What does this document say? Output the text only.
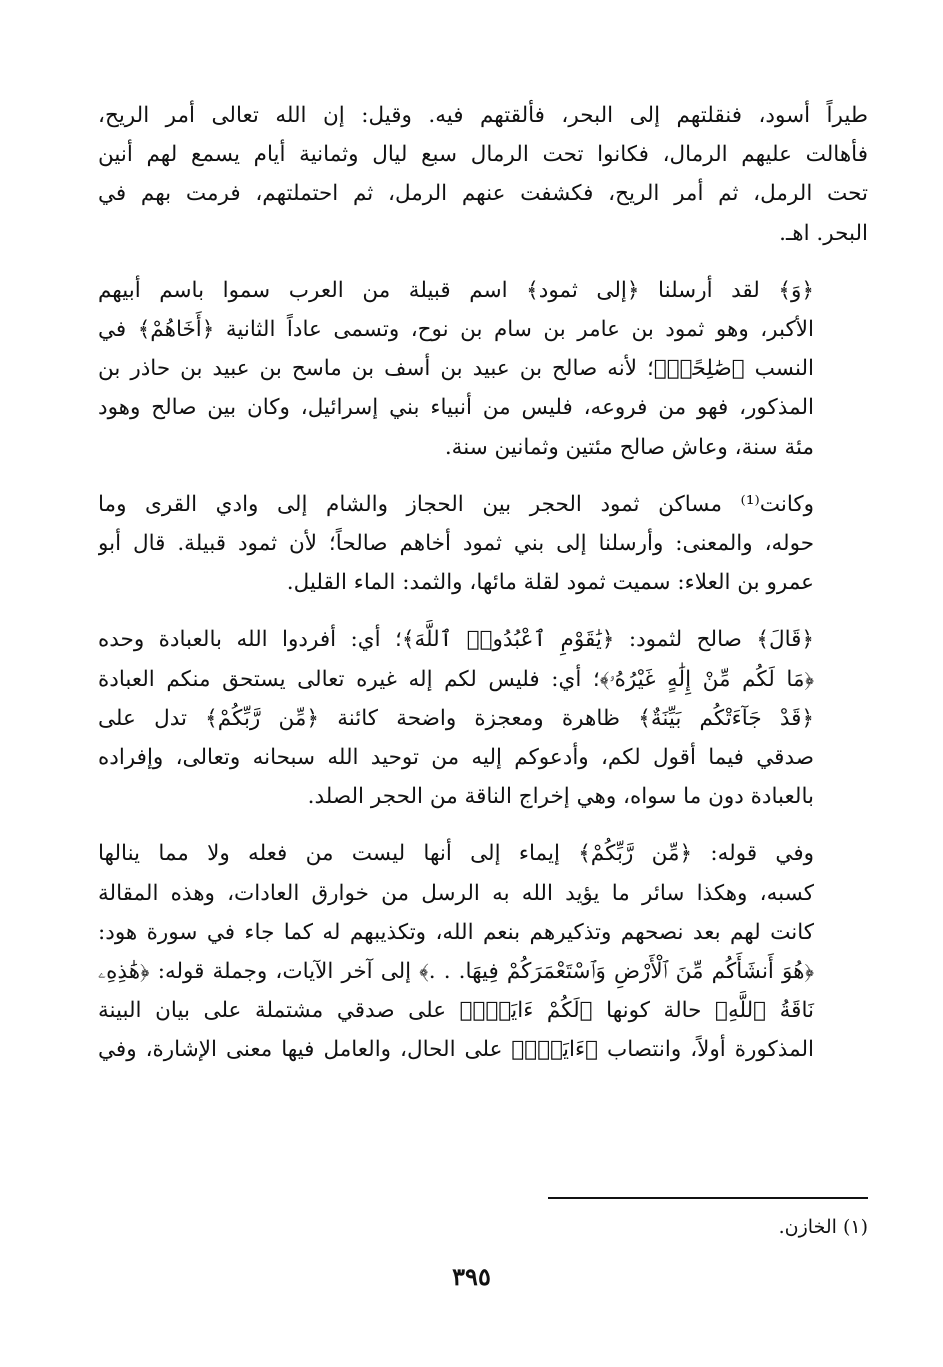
طيراً أسود، فنقلتهم إلى البحر، فألقتهم فيه. وقيل: إن الله تعالى أمر الريح،
فأهالت عليهم الرمال، فكانوا تحت الرمال سبع ليال وثمانية أيام يسمع لهم أنين
تحت الرمل، ثم أمر الريح، فكشفت عنهم الرمل، ثم احتملتهم، فرمت بهم في
البحر. اهـ.

﴿وَ﴾ لقد أرسلنا ﴿إلى ثمود﴾ اسم قبيلة من العرب سموا باسم أبيهم
الأكبر، وهو ثمود بن عامر بن سام بن نوح، وتسمى عاداً الثانية ﴿أَخَاهُمْ﴾ في
النسب ﴿صَٰلِحًاۚ﴾؛ لأنه صالح بن عبيد بن أسف بن ماسح بن عبيد بن حاذر بن
المذكور، فهو من فروعه، فليس من أنبياء بني إسرائيل، وكان بين صالح وهود
مئة سنة، وعاش صالح مئتين وثمانين سنة.

وكانت⁽¹⁾ مساكن ثمود الحجر بين الحجاز والشام إلى وادي القرى وما
حوله، والمعنى: وأرسلنا إلى بني ثمود أخاهم صالحاً؛ لأن ثمود قبيلة. قال أبو
عمرو بن العلاء: سميت ثمود لقلة مائها، والثمد: الماء القليل.

﴿قَالَ﴾ صالح لثمود: ﴿يَٰقَوْمِ ٱعْبُدُوا۟ ٱللَّهَ﴾؛ أي: أفردوا الله بالعبادة وحده
﴿مَا لَكُم مِّنْ إِلَٰهٍ غَيْرُهُۥ﴾؛ أي: فليس لكم إله غيره تعالى يستحق منكم العبادة
﴿قَدْ جَآءَتْكُم بَيِّنَةٌ﴾ ظاهرة ومعجزة واضحة كائنة ﴿مِّن رَّبِّكُمْ﴾ تدل على
صدقي فيما أقول لكم، وأدعوكم إليه من توحيد الله سبحانه وتعالى، وإفراده
بالعبادة دون ما سواه، وهي إخراج الناقة من الحجر الصلد.

وفي قوله: ﴿مِّن رَّبِّكُمْ﴾ إيماء إلى أنها ليست من فعله ولا مما ينالها
كسبه، وهكذا سائر ما يؤيد الله به الرسل من خوارق العادات، وهذه المقالة
كانت لهم بعد نصحهم وتذكيرهم بنعم الله، وتكذيبهم له كما جاء في سورة هود:
﴿هُوَ أَنشَأَكُم مِّنَ ٱلْأَرْضِ وَٱسْتَعْمَرَكُمْ فِيهَا. . .﴾ إلى آخر الآيات، وجملة قوله: ﴿هَٰذِهِۦ
نَاقَةُ ٱللَّهِ﴾ حالة كونها ﴿لَكُمْ ءَايَةًۖ﴾ على صدقي مشتملة على بيان البينة
المذكورة أولاً، وانتصاب ﴿ءَايَةًۖ﴾ على الحال، والعامل فيها معنى الإشارة، وفي

(١) الخازن.
٣٩٥
